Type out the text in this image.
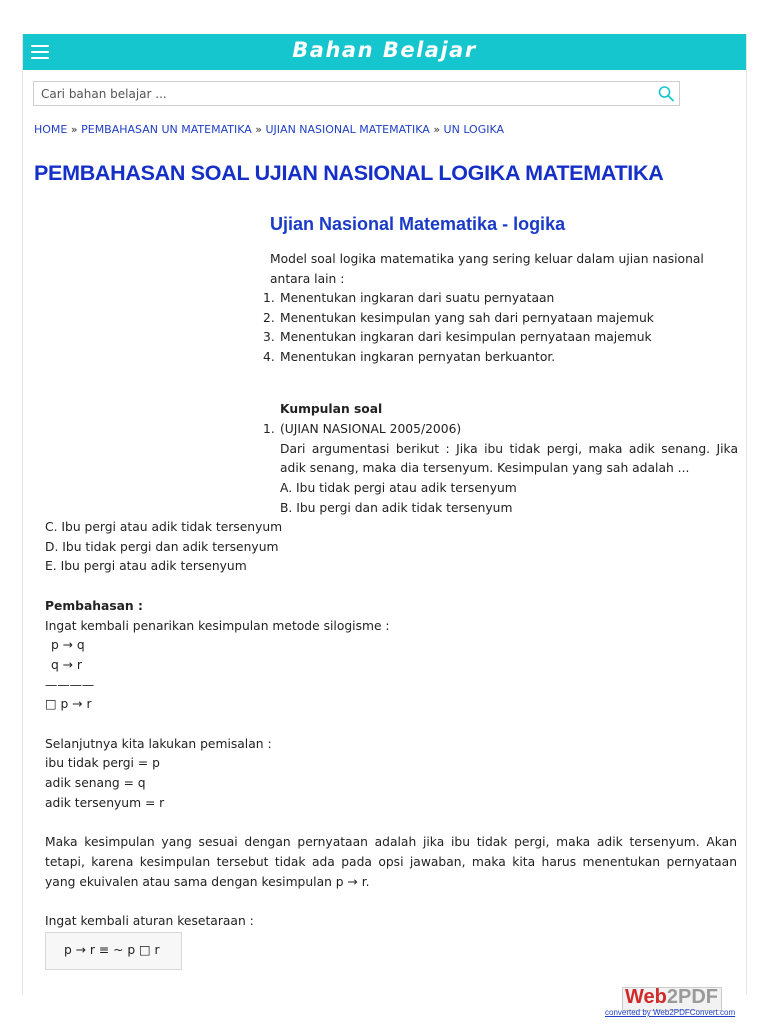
Bahan Belajar
Cari bahan belajar ...
HOME » PEMBAHASAN UN MATEMATIKA » UJIAN NASIONAL MATEMATIKA » UN LOGIKA
PEMBAHASAN SOAL UJIAN NASIONAL LOGIKA MATEMATIKA
Ujian Nasional Matematika - logika
Model soal logika matematika yang sering keluar dalam ujian nasional antara lain :
1. Menentukan ingkaran dari suatu pernyataan
2. Menentukan kesimpulan yang sah dari pernyataan majemuk
3. Menentukan ingkaran dari kesimpulan pernyataan majemuk
4. Menentukan ingkaran pernyatan berkuantor.
Kumpulan soal
1. (UJIAN NASIONAL 2005/2006)
Dari argumentasi berikut : Jika ibu tidak pergi, maka adik senang. Jika adik senang, maka dia tersenyum. Kesimpulan yang sah adalah ...
A. Ibu tidak pergi atau adik tersenyum
B. Ibu pergi dan adik tidak tersenyum
C. Ibu pergi atau adik tidak tersenyum
D. Ibu tidak pergi dan adik tersenyum
E. Ibu pergi atau adik tersenyum
Pembahasan :
Ingat kembali penarikan kesimpulan metode silogisme :
p → q
q → r
————
□ p → r
Selanjutnya kita lakukan pemisalan :
ibu tidak pergi = p
adik senang = q
adik tersenyum = r
Maka kesimpulan yang sesuai dengan pernyataan adalah jika ibu tidak pergi, maka adik tersenyum. Akan tetapi, karena kesimpulan tersebut tidak ada pada opsi jawaban, maka kita harus menentukan pernyataan yang ekuivalen atau sama dengan kesimpulan p → r.
Ingat kembali aturan kesetaraan :
p → r ≡ ~ p □ r
Web2PDF
converted by Web2PDFConvert.com
